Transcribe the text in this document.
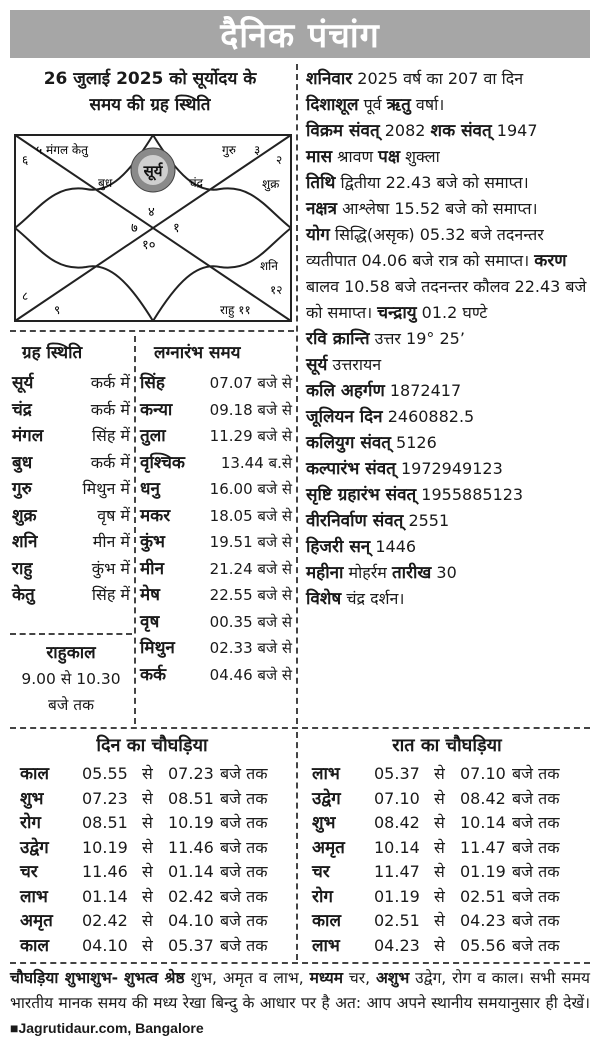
दैनिक पंचांग
26 जुलाई 2025 को सूर्योदय के
समय की ग्रह स्थिति
सूर्य
५ मंगल केतु
६
४
गुरु ३
बुध	चंद्र	शुक्र
२
७	१
१०
शनि
८
९	राहु ११
१२
ग्रह स्थिति
सूर्य	कर्क में
चंद्र	कर्क में
मंगल	सिंह में
बुध	कर्क में
गुरु	मिथुन में
शुक्र	वृष में
शनि	मीन में
राहु	कुंभ में
केतु	सिंह में
राहुकाल
9.00 से 10.30
बजे तक
लग्नारंभ समय
सिंह	07.07 बजे से
कन्या 09.18 बजे से
तुला	11.29 बजे से
वृश्चिक 13.44 ब.से
धनु	16.00 बजे से
मकर	18.05 बजे से
कुंभ	19.51 बजे से
मीन	21.24 बजे से
मेष	22.55 बजे से
वृष	00.35 बजे से
मिथुन 02.33 बजे से
कर्क	04.46 बजे से

शनिवार 2025 वर्ष का 207 वा दिन

दिशाशूल पूर्व ऋतु वर्षा।

विक्रम संवत् 2082 शक संवत् 1947

मास श्रावण पक्ष शुक्ला

तिथि द्वितीया 22.43 बजे को समाप्त।

नक्षत्र आश्लेषा 15.52 बजे को समाप्त।

योग सिद्धि(असृक) 05.32 बजे तदनन्तर व्यतीपात 04.06 बजे रात्र को समाप्त। करण बालव 10.58 बजे तदनन्तर कौलव 22.43 बजे को समाप्त। चन्द्रायु 01.2 घण्टे

रवि क्रान्ति उत्तर 19° 25’

सूर्य उत्तरायन

कलि अहर्गण 1872417

जूलियन दिन 2460882.5

कलियुग संवत् 5126

कल्पारंभ संवत् 1972949123

सृष्टि ग्रहारंभ संवत् 1955885123

वीरनिर्वाण संवत् 2551

हिजरी सन् 1446

महीना मोहर्रम तारीख 30

विशेष चंद्र दर्शन।

दिन का चौघड़िया	रात का चौघड़िया
काल 05.55 से 07.23 बजे तक
शुभ 07.23 से 08.51 बजे तक
रोग	08.51 से 10.19 बजे तक
उद्वेग 10.19 से 11.46 बजे तक
चर	11.46 से 01.14 बजे तक
लाभ 01.14 से 02.42 बजे तक
अमृत 02.42 से 04.10 बजे तक
काल 04.10 से 05.37 बजे तक
लाभ 05.37 से 07.10 बजे तक
उद्वेग 07.10 से 08.42 बजे तक
शुभ 08.42 से 10.14 बजे तक
अमृत 10.14 से 11.47 बजे तक
चर	11.47 से 01.19 बजे तक
रोग	01.19 से 02.51 बजे तक
काल 02.51 से 04.23 बजे तक
लाभ 04.23 से 05.56 बजे तक
चौघड़िया शुभाशुभ- शुभत्व श्रेष्ठ शुभ, अमृत व लाभ, मध्यम चर, अशुभ उद्वेग, रोग व काल। सभी समय भारतीय मानक समय की मध्य रेखा बिन्दु के आधार पर है अत: आप अपने स्थानीय समयानुसार ही देखें। ■Jagrutidaur.com, Bangalore
